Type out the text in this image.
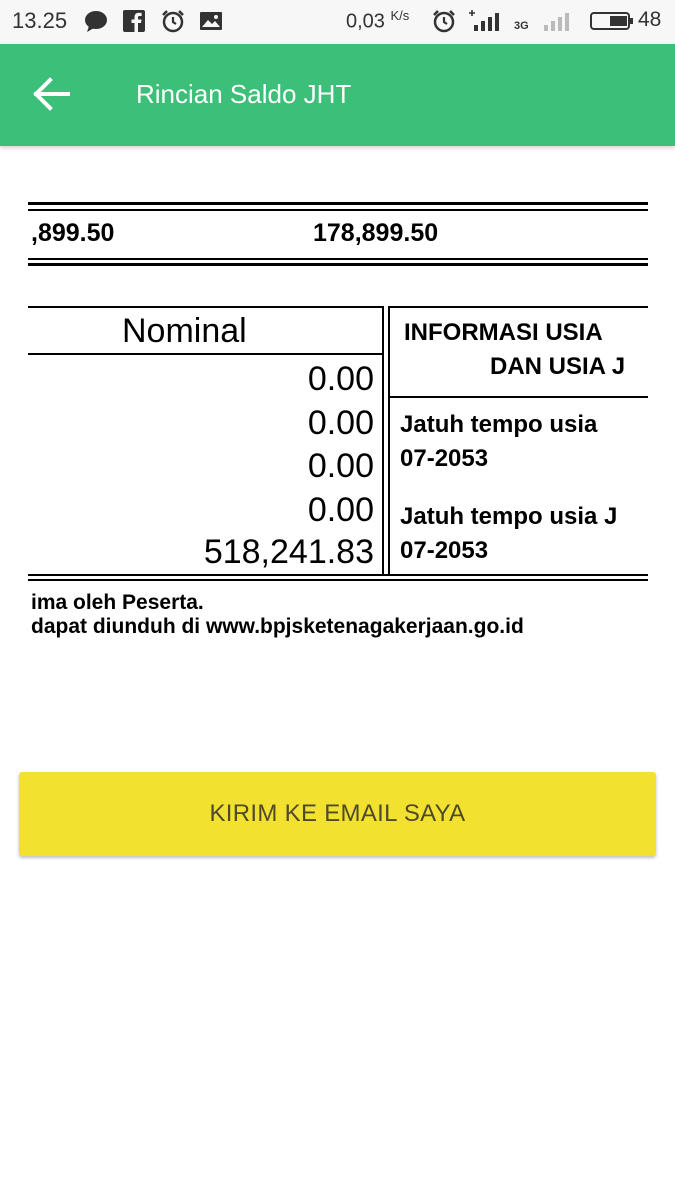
13.25	0,03 $^{K/s}$
3G	48
Rincian Saldo JHT
,899.50	178,899.50
Nominal
0.00
0.00
0.00
0.00
518,241.83
INFORMASI USIA
DAN USIA J
Jatuh tempo usia
07-2053
Jatuh tempo usia J
07-2053
ima oleh Peserta.
dapat diunduh di www.bpjsketenagakerjaan.go.id
KIRIM KE EMAIL SAYA
